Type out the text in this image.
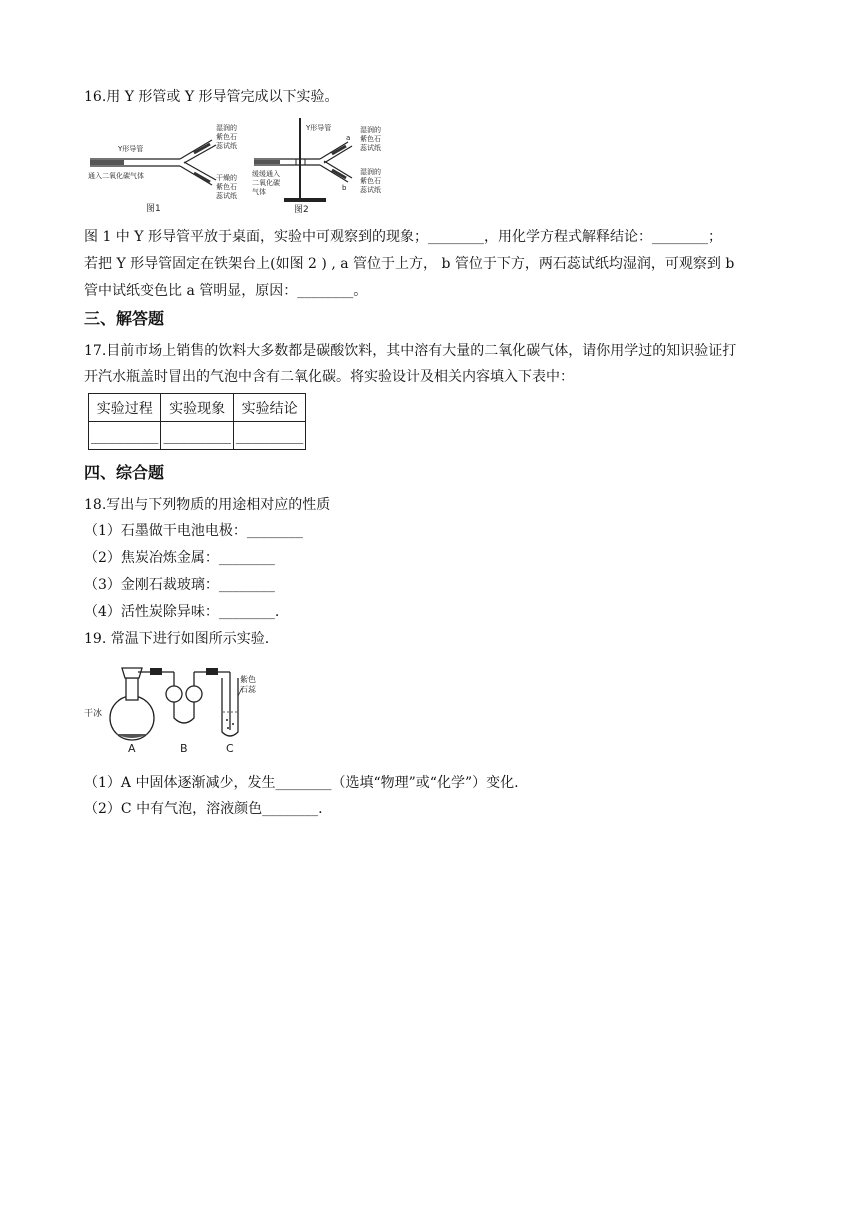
16.用 Y 形管或 Y 形导管完成以下实验。
Y形导管
通入二氧化碳气体
湿润的
紫色石
蕊试纸
干燥的
紫色石
蕊试纸
图1
Y形导管
a
b
缓缓通入
二氧化碳
气体
湿润的
紫色石
蕊试纸
湿润的
紫色石
蕊试纸
图2
图 1 中 Y 形导管平放于桌面，实验中可观察到的现象；________，用化学方程式解释结论：________；
若把 Y 形导管固定在铁架台上(如图 2 ) , a 管位于上方， b 管位于下方，两石蕊试纸均湿润，可观察到 b
管中试纸变色比 a 管明显，原因：________。
三、解答题
17.目前市场上销售的饮料大多数都是碳酸饮料，其中溶有大量的二氧化碳气体，请你用学过的知识验证打
开汽水瓶盖时冒出的气泡中含有二氧化碳。将实验设计及相关内容填入下表中：
实验过程	实验现象	实验结论
________	________	________
四、综合题
18.写出与下列物质的用途相对应的性质
（1）石墨做干电池电极：________
（2）焦炭冶炼金属：________
（3）金刚石裁玻璃：________
（4）活性炭除异味：________.
19. 常温下进行如图所示实验.
干冰
紫色
石蕊
A	B	C
（1）A 中固体逐渐减少，发生________（选填“物理”或“化学”）变化.
（2）C 中有气泡，溶液颜色________.
